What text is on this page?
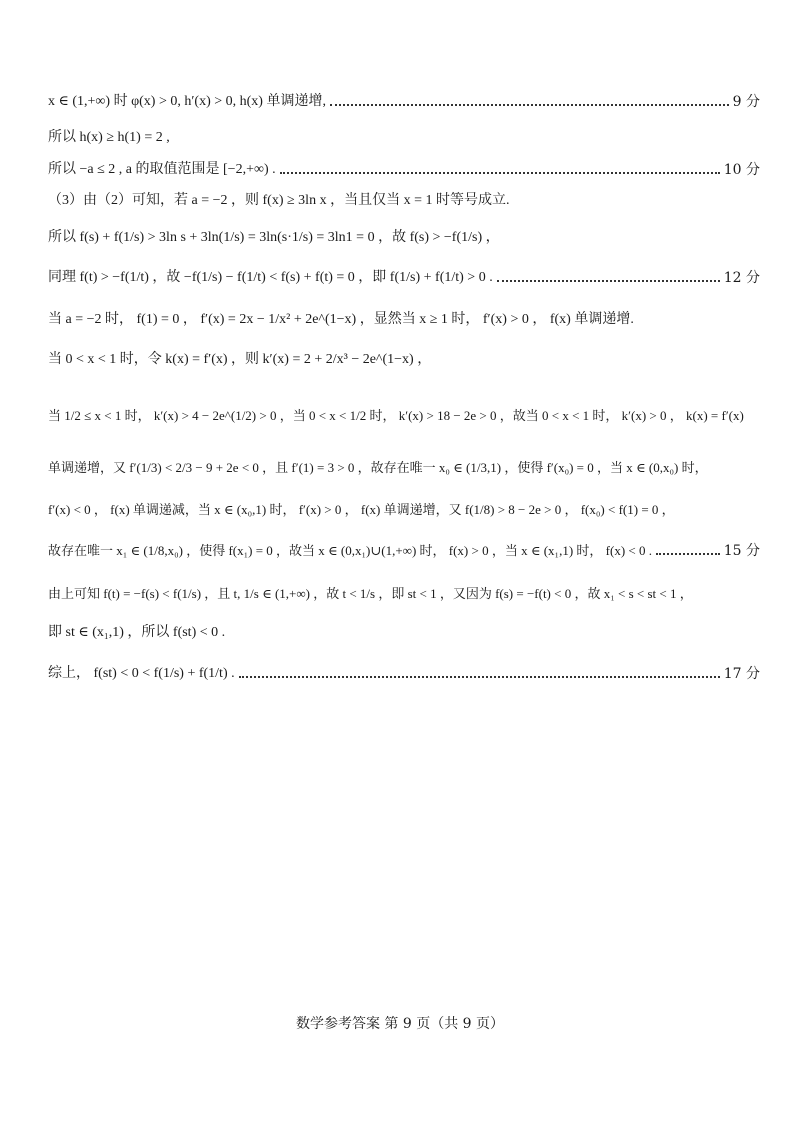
x ∈ (1,+∞) 时 φ(x) > 0, h′(x) > 0, h(x) 单调递增,	9 分
所以 h(x) ≥ h(1) = 2 ,
所以 −a ≤ 2 , a 的取值范围是 [−2,+∞) .	10 分
（3）由（2）可知，若 a = −2 ，则 f(x) ≥ 3ln x ，当且仅当 x = 1 时等号成立.
所以 f(s) + f(1/s) > 3ln s + 3ln(1/s) = 3ln(s·1/s) = 3ln1 = 0 ，故 f(s) > −f(1/s) ，
同理 f(t) > −f(1/t) ，故 −f(1/s) − f(1/t) < f(s) + f(t) = 0 ，即 f(1/s) + f(1/t) > 0 .	12 分
当 a = −2 时， f(1) = 0 ， f′(x) = 2x − 1/x² + 2e^(1−x) ，显然当 x ≥ 1 时， f′(x) > 0 ， f(x) 单调递增.
当 0 < x < 1 时，令 k(x) = f′(x) ，则 k′(x) = 2 + 2/x³ − 2e^(1−x) ，
当 1/2 ≤ x < 1 时， k′(x) > 4 − 2e^(1/2) > 0 ，当 0 < x < 1/2 时， k′(x) > 18 − 2e > 0 ，故当 0 < x < 1 时， k′(x) > 0 ， k(x) = f′(x)
单调递增，又 f′(1/3) < 2/3 − 9 + 2e < 0 ，且 f′(1) = 3 > 0 ，故存在唯一 x₀ ∈ (1/3,1) ，使得 f′(x₀) = 0 ，当 x ∈ (0,x₀) 时，
f′(x) < 0 ， f(x) 单调递减，当 x ∈ (x₀,1) 时， f′(x) > 0 ， f(x) 单调递增，又 f(1/8) > 8 − 2e > 0 ， f(x₀) < f(1) = 0 ，
故存在唯一 x₁ ∈ (1/8,x₀) ，使得 f(x₁) = 0 ，故当 x ∈ (0,x₁)∪(1,+∞) 时， f(x) > 0 ，当 x ∈ (x₁,1) 时， f(x) < 0 .	15 分
由上可知 f(t) = −f(s) < f(1/s) ，且 t, 1/s ∈ (1,+∞) ，故 t < 1/s ，即 st < 1 ，又因为 f(s) = −f(t) < 0 ，故 x₁ < s < st < 1 ，
即 st ∈ (x₁,1) ，所以 f(st) < 0 .
综上， f(st) < 0 < f(1/s) + f(1/t) .	17 分
数学参考答案 第 9 页（共 9 页）
